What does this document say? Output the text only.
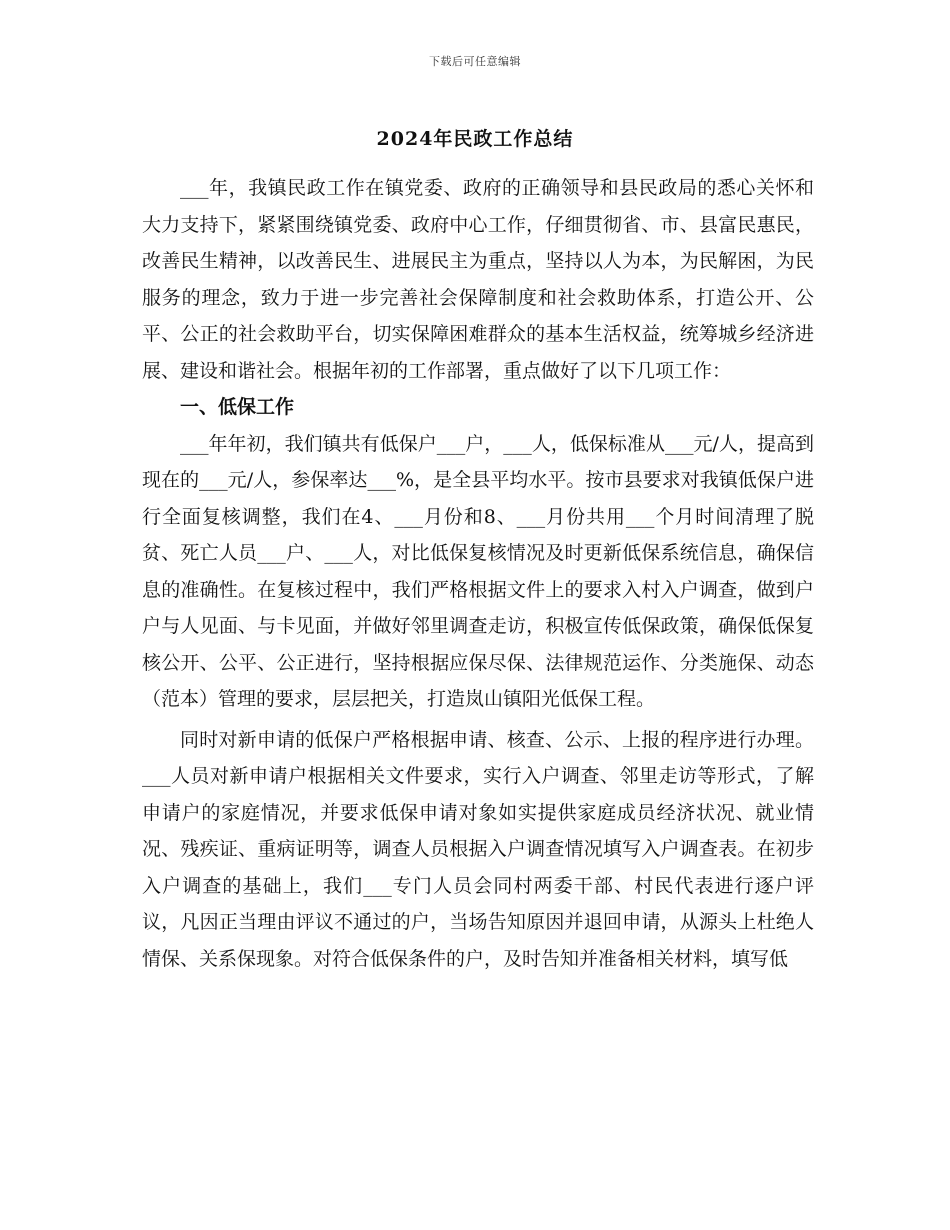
下载后可任意编辑
2024年民政工作总结

___年，我镇民政工作在镇党委、政府的正确领导和县民政局的悉心关怀和大力支持下，紧紧围绕镇党委、政府中心工作，仔细贯彻省、市、县富民惠民，改善民生精神，以改善民生、进展民主为重点，坚持以人为本，为民解困，为民服务的理念，致力于进一步完善社会保障制度和社会救助体系，打造公开、公平、公正的社会救助平台，切实保障困难群众的基本生活权益，统筹城乡经济进展、建设和谐社会。根据年初的工作部署，重点做好了以下几项工作：

一、低保工作

___年年初，我们镇共有低保户___户，___人，低保标准从___元/人，提高到现在的___元/人，参保率达___%，是全县平均水平。按市县要求对我镇低保户进行全面复核调整，我们在4、___月份和8、___月份共用___个月时间清理了脱贫、死亡人员___户、___人，对比低保复核情况及时更新低保系统信息，确保信息的准确性。在复核过程中，我们严格根据文件上的要求入村入户调查，做到户户与人见面、与卡见面，并做好邻里调查走访，积极宣传低保政策，确保低保复核公开、公平、公正进行，坚持根据应保尽保、法律规范运作、分类施保、动态（范本）管理的要求，层层把关，打造岚山镇阳光低保工程。

同时对新申请的低保户严格根据申请、核查、公示、上报的程序进行办理。___人员对新申请户根据相关文件要求，实行入户调查、邻里走访等形式，了解申请户的家庭情况，并要求低保申请对象如实提供家庭成员经济状况、就业情况、残疾证、重病证明等，调查人员根据入户调查情况填写入户调查表。在初步入户调查的基础上，我们___专门人员会同村两委干部、村民代表进行逐户评议，凡因正当理由评议不通过的户，当场告知原因并退回申请，从源头上杜绝人情保、关系保现象。对符合低保条件的户，及时告知并准备相关材料，填写低
